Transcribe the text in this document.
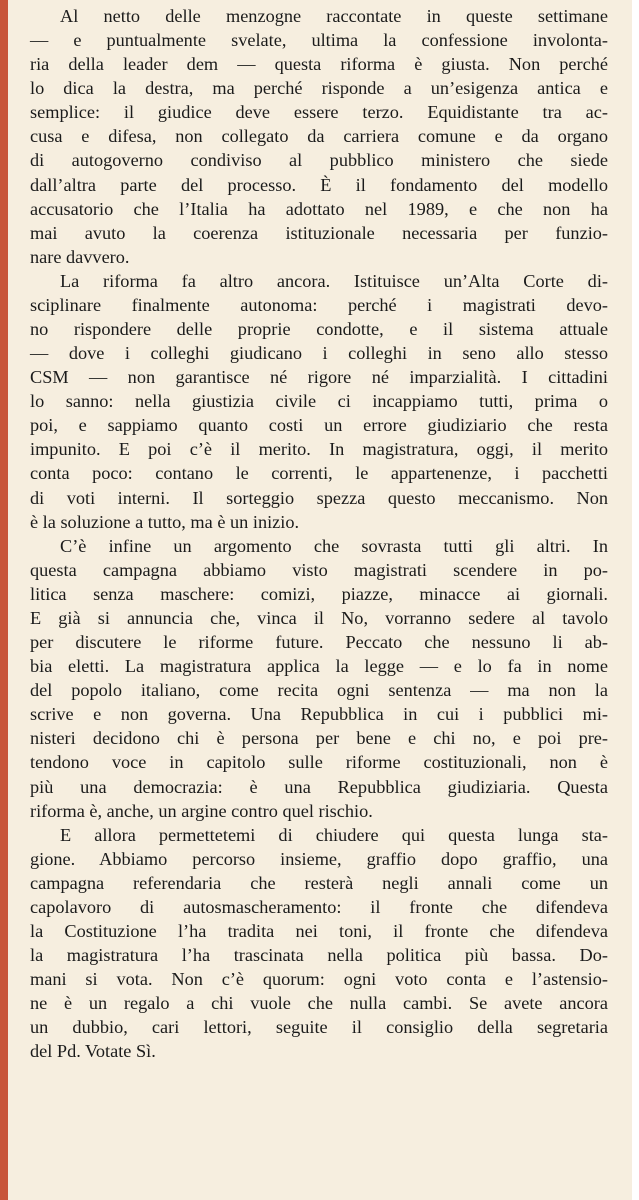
Al netto delle menzogne raccontate in queste settimane
— e puntualmente svelate, ultima la confessione involonta-
ria della leader dem — questa riforma è giusta. Non perché
lo dica la destra, ma perché risponde a un’esigenza antica e
semplice: il giudice deve essere terzo. Equidistante tra ac-
cusa e difesa, non collegato da carriera comune e da organo
di autogoverno condiviso al pubblico ministero che siede
dall’altra parte del processo. È il fondamento del modello
accusatorio che l’Italia ha adottato nel 1989, e che non ha
mai avuto la coerenza istituzionale necessaria per funzio-
nare davvero.

La riforma fa altro ancora. Istituisce un’Alta Corte di-
sciplinare finalmente autonoma: perché i magistrati devo-
no rispondere delle proprie condotte, e il sistema attuale
— dove i colleghi giudicano i colleghi in seno allo stesso
CSM — non garantisce né rigore né imparzialità. I cittadini
lo sanno: nella giustizia civile ci incappiamo tutti, prima o
poi, e sappiamo quanto costi un errore giudiziario che resta
impunito. E poi c’è il merito. In magistratura, oggi, il merito
conta poco: contano le correnti, le appartenenze, i pacchetti
di voti interni. Il sorteggio spezza questo meccanismo. Non
è la soluzione a tutto, ma è un inizio.

C’è infine un argomento che sovrasta tutti gli altri. In
questa campagna abbiamo visto magistrati scendere in po-
litica senza maschere: comizi, piazze, minacce ai giornali.
E già si annuncia che, vinca il No, vorranno sedere al tavolo
per discutere le riforme future. Peccato che nessuno li ab-
bia eletti. La magistratura applica la legge — e lo fa in nome
del popolo italiano, come recita ogni sentenza — ma non la
scrive e non governa. Una Repubblica in cui i pubblici mi-
nisteri decidono chi è persona per bene e chi no, e poi pre-
tendono voce in capitolo sulle riforme costituzionali, non è
più una democrazia: è una Repubblica giudiziaria. Questa
riforma è, anche, un argine contro quel rischio.

E allora permettetemi di chiudere qui questa lunga sta-
gione. Abbiamo percorso insieme, graffio dopo graffio, una
campagna referendaria che resterà negli annali come un
capolavoro di autosmascheramento: il fronte che difendeva
la Costituzione l’ha tradita nei toni, il fronte che difendeva
la magistratura l’ha trascinata nella politica più bassa. Do-
mani si vota. Non c’è quorum: ogni voto conta e l’astensio-
ne è un regalo a chi vuole che nulla cambi. Se avete ancora
un dubbio, cari lettori, seguite il consiglio della segretaria
del Pd. Votate Sì.
